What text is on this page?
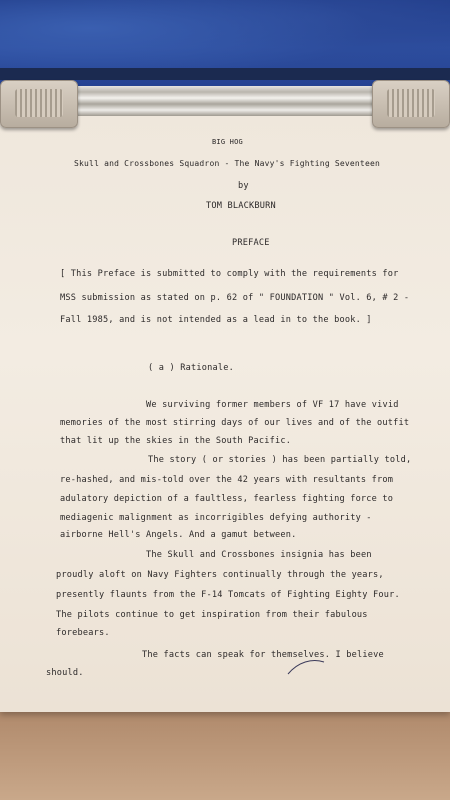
BIG HOG
Skull and Crossbones Squadron - The Navy's Fighting Seventeen
by
TOM BLACKBURN
PREFACE
[ This Preface is submitted to comply with the requirements for
MSS submission as stated on p. 62 of " FOUNDATION " Vol. 6, # 2 -
Fall 1985, and is not intended as a lead in to the book. ]
( a ) Rationale.
We surviving former members of VF 17 have vivid
memories of the most stirring days of our lives and of the outfit
that lit up the skies in the South Pacific.
The story ( or stories ) has been partially told,
re-hashed, and mis-told over the 42 years with resultants from
adulatory depiction of a faultless, fearless fighting force to
mediagenic malignment as incorrigibles defying authority -
airborne Hell's Angels. And a gamut between.
The Skull and Crossbones insignia has been
proudly aloft on Navy Fighters continually through the years,
presently flaunts from the F-14 Tomcats of Fighting Eighty Four.
The pilots continue to get inspiration from their fabulous
forebears.
The facts can speak for themselves. I believe
should.
